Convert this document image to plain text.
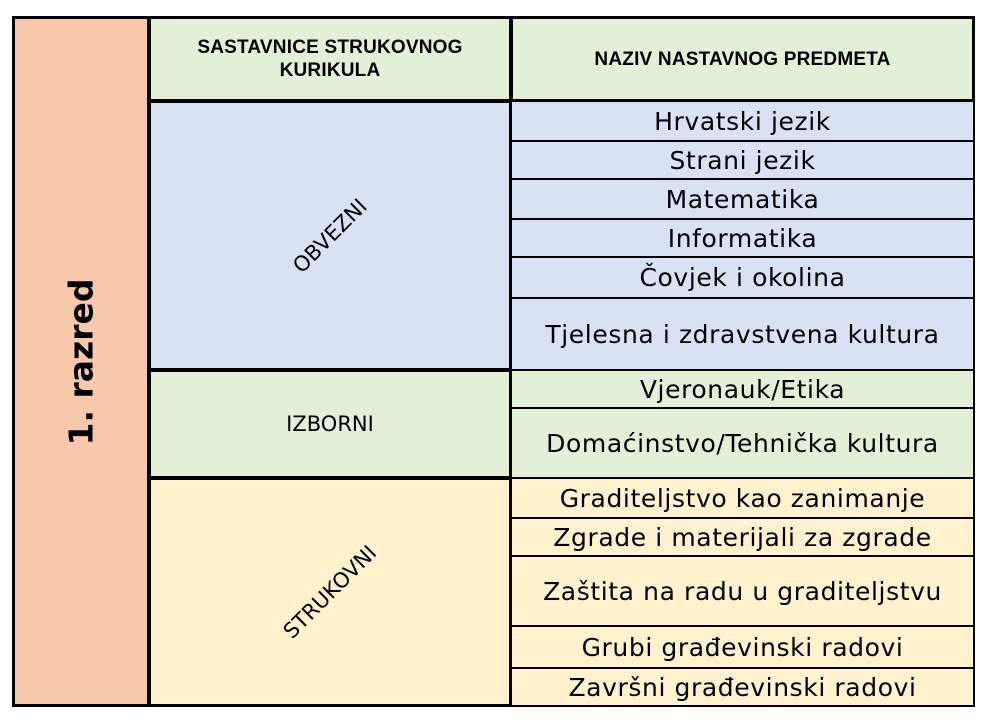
1. razred
SASTAVNICE STRUKOVNOG KURIKULA
NAZIV NASTAVNOG PREDMETA
OBVEZNI
IZBORNI
STRUKOVNI
Hrvatski jezik
Strani jezik
Matematika
Informatika
Čovjek i okolina
Tjelesna i zdravstvena kultura
Vjeronauk/Etika
Domaćinstvo/Tehnička kultura
Graditeljstvo kao zanimanje
Zgrade i materijali za zgrade
Zaštita na radu u graditeljstvu
Grubi građevinski radovi
Završni građevinski radovi
